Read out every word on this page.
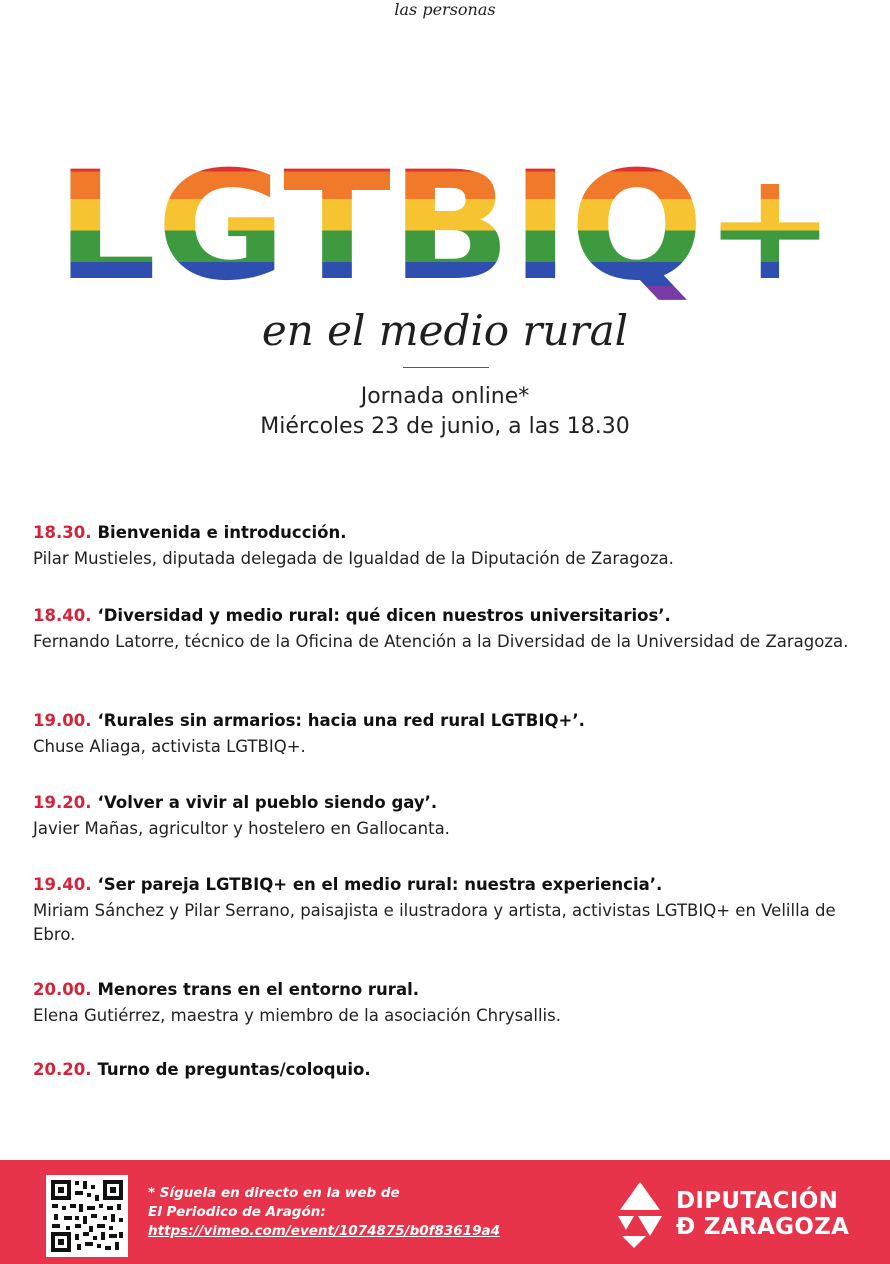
las personas
LGTBIQ+
en el medio rural
Jornada online*
Miércoles 23 de junio, a las 18.30
18.30. Bienvenida e introducción.
Pilar Mustieles, diputada delegada de Igualdad de la Diputación de Zaragoza.
18.40. ‘Diversidad y medio rural: qué dicen nuestros universitarios’.
Fernando Latorre, técnico de la Oficina de Atención a la Diversidad de la Universidad de Zaragoza.
19.00. ‘Rurales sin armarios: hacia una red rural LGTBIQ+’.
Chuse Aliaga, activista LGTBIQ+.
19.20. ‘Volver a vivir al pueblo siendo gay’.
Javier Mañas, agricultor y hostelero en Gallocanta.
19.40. ‘Ser pareja LGTBIQ+ en el medio rural: nuestra experiencia’.
Miriam Sánchez y Pilar Serrano, paisajista e ilustradora y artista, activistas LGTBIQ+ en Velilla de Ebro.
20.00. Menores trans en el entorno rural.
Elena Gutiérrez, maestra y miembro de la asociación Chrysallis.
20.20. Turno de preguntas/coloquio.
* Síguela en directo en la web de
El Periodico de Aragón:
https://vimeo.com/event/1074875/b0f83619a4
DIPUTACIÓN
Ð ZARAGOZA
